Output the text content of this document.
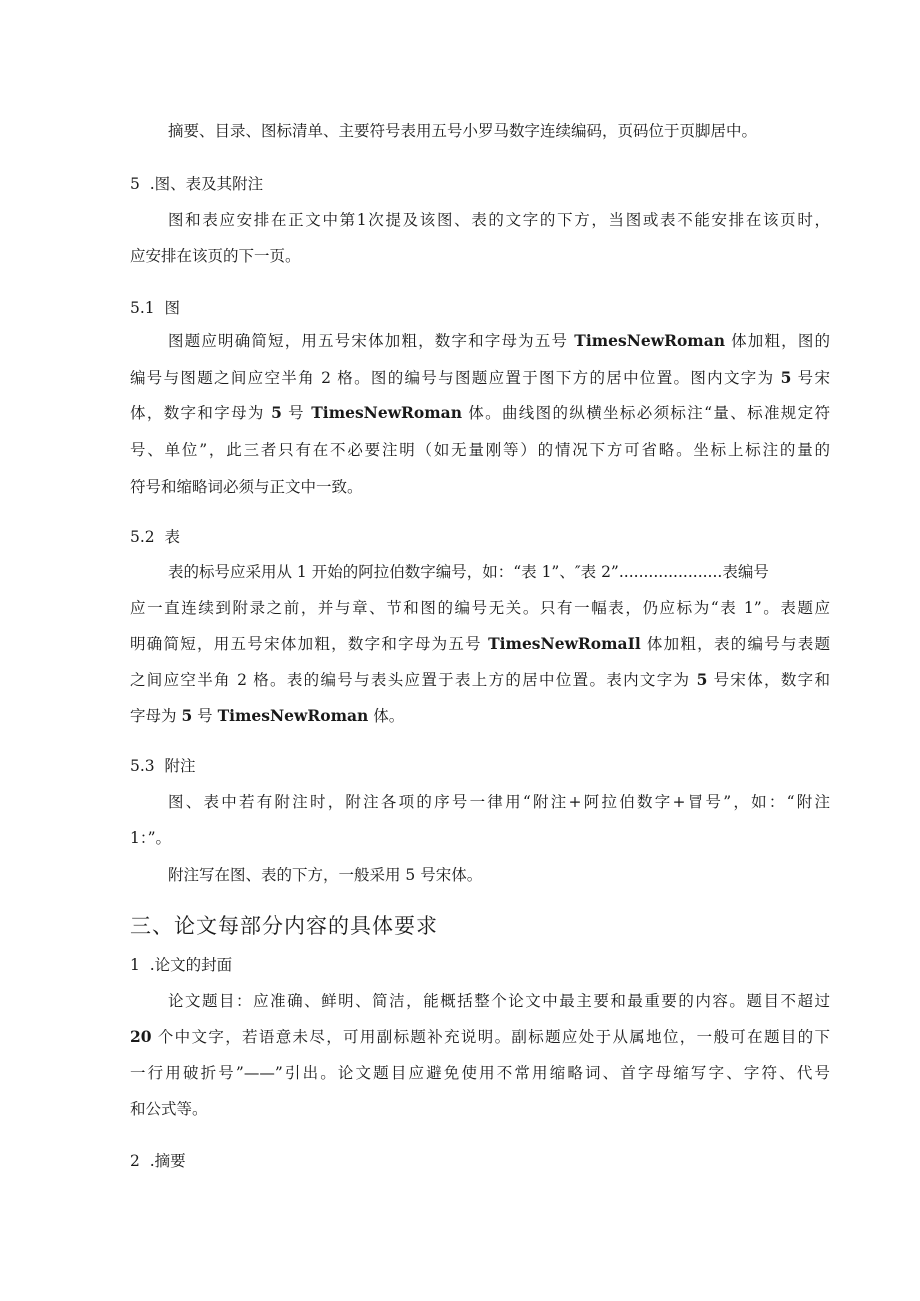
摘要、目录、图标清单、主要符号表用五号小罗马数字连续编码，页码位于页脚居中。
5  .图、表及其附注
图和表应安排在正文中第1次提及该图、表的文字的下方，当图或表不能安排在该页时，
应安排在该页的下一页。
5.1  图
图题应明确简短，用五号宋体加粗，数字和字母为五号 TimesNewRoman 体加粗，图的
编号与图题之间应空半角 2 格。图的编号与图题应置于图下方的居中位置。图内文字为 5 号宋
体，数字和字母为 5 号 TimesNewRoman 体。曲线图的纵横坐标必须标注“量、标准规定符
号、单位”，此三者只有在不必要注明（如无量刚等）的情况下方可省略。坐标上标注的量的
符号和缩略词必须与正文中一致。
5.2  表
表的标号应采用从 1 开始的阿拉伯数字编号，如：“表 1”、″表 2”.....................表编号
应一直连续到附录之前，并与章、节和图的编号无关。只有一幅表，仍应标为“表 1”。表题应
明确简短，用五号宋体加粗，数字和字母为五号 TimesNewRomaIl 体加粗，表的编号与表题
之间应空半角 2 格。表的编号与表头应置于表上方的居中位置。表内文字为 5 号宋体，数字和
字母为 5 号 TimesNewRoman 体。
5.3  附注
图、表中若有附注时，附注各项的序号一律用“附注+阿拉伯数字+冒号”，如：“附注
1：”。
附注写在图、表的下方，一般采用 5 号宋体。
三、论文每部分内容的具体要求
1  .论文的封面
论文题目：应准确、鲜明、简洁，能概括整个论文中最主要和最重要的内容。题目不超过
20 个中文字，若语意未尽，可用副标题补充说明。副标题应处于从属地位，一般可在题目的下
一行用破折号”——”引出。论文题目应避免使用不常用缩略词、首字母缩写字、字符、代号
和公式等。
2  .摘要
